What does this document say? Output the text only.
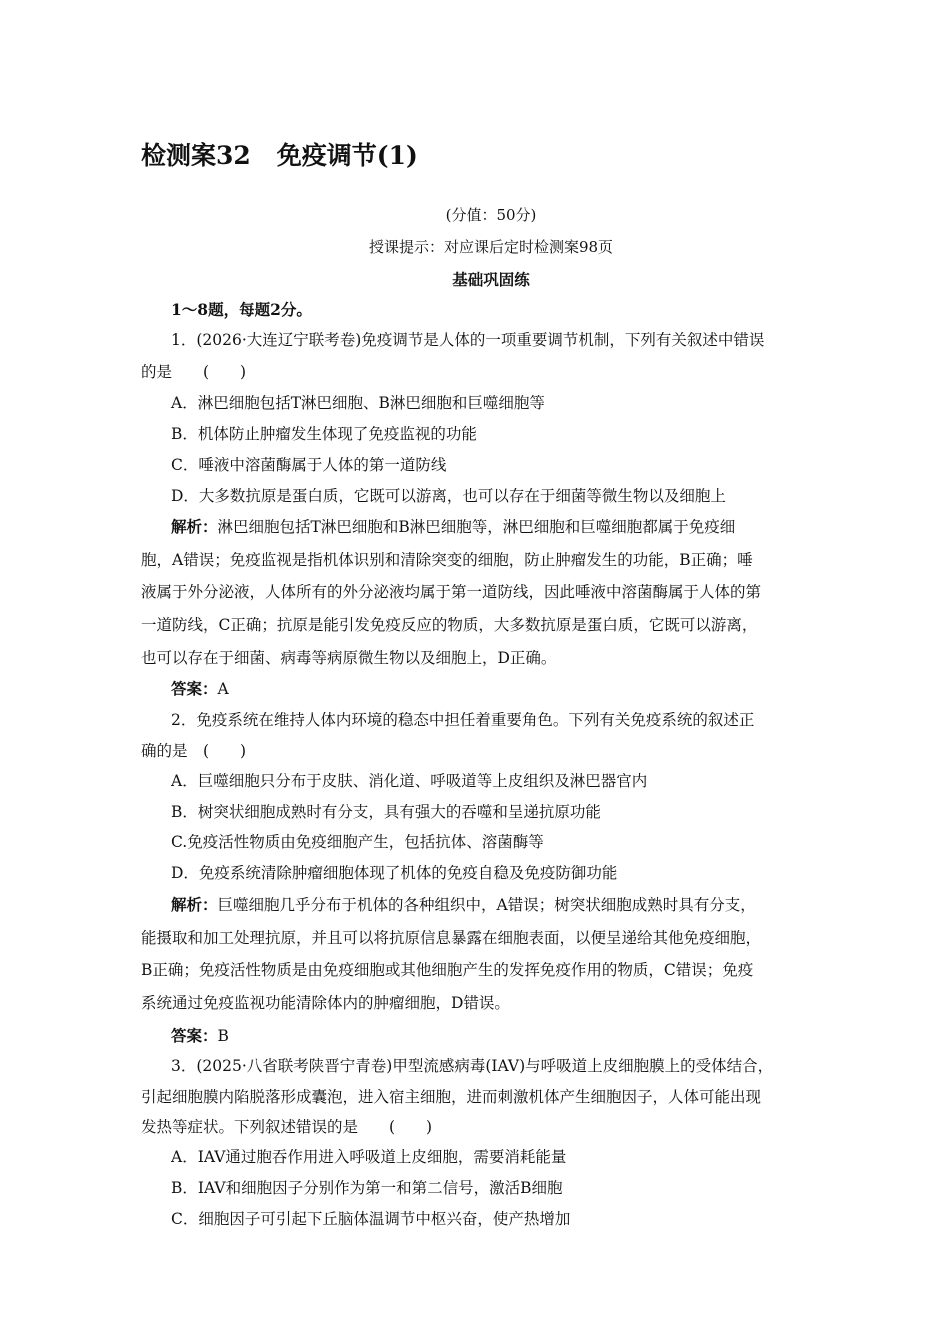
检测案32 免疫调节(1)
(分值：50分)
授课提示：对应课后定时检测案98页
基础巩固练
1～8题，每题2分。
1．(2026·大连辽宁联考卷)免疫调节是人体的一项重要调节机制，下列有关叙述中错误
的是　　(　　)
A．淋巴细胞包括T淋巴细胞、B淋巴细胞和巨噬细胞等
B．机体防止肿瘤发生体现了免疫监视的功能
C．唾液中溶菌酶属于人体的第一道防线
D．大多数抗原是蛋白质，它既可以游离，也可以存在于细菌等微生物以及细胞上
解析：淋巴细胞包括T淋巴细胞和B淋巴细胞等，淋巴细胞和巨噬细胞都属于免疫细
胞，A错误；免疫监视是指机体识别和清除突变的细胞，防止肿瘤发生的功能，B正确；唾
液属于外分泌液，人体所有的外分泌液均属于第一道防线，因此唾液中溶菌酶属于人体的第
一道防线，C正确；抗原是能引发免疫反应的物质，大多数抗原是蛋白质，它既可以游离，
也可以存在于细菌、病毒等病原微生物以及细胞上，D正确。
答案：A
2．免疫系统在维持人体内环境的稳态中担任着重要角色。下列有关免疫系统的叙述正
确的是　(　　)
A．巨噬细胞只分布于皮肤、消化道、呼吸道等上皮组织及淋巴器官内
B．树突状细胞成熟时有分支，具有强大的吞噬和呈递抗原功能
C.免疫活性物质由免疫细胞产生，包括抗体、溶菌酶等
D．免疫系统清除肿瘤细胞体现了机体的免疫自稳及免疫防御功能
解析：巨噬细胞几乎分布于机体的各种组织中，A错误；树突状细胞成熟时具有分支，
能摄取和加工处理抗原，并且可以将抗原信息暴露在细胞表面，以便呈递给其他免疫细胞，
B正确；免疫活性物质是由免疫细胞或其他细胞产生的发挥免疫作用的物质，C错误；免疫
系统通过免疫监视功能清除体内的肿瘤细胞，D错误。
答案：B
3．(2025·八省联考陕晋宁青卷)甲型流感病毒(IAV)与呼吸道上皮细胞膜上的受体结合，
引起细胞膜内陷脱落形成囊泡，进入宿主细胞，进而刺激机体产生细胞因子，人体可能出现
发热等症状。下列叙述错误的是　　(　　)
A．IAV通过胞吞作用进入呼吸道上皮细胞，需要消耗能量
B．IAV和细胞因子分别作为第一和第二信号，激活B细胞
C．细胞因子可引起下丘脑体温调节中枢兴奋，使产热增加
